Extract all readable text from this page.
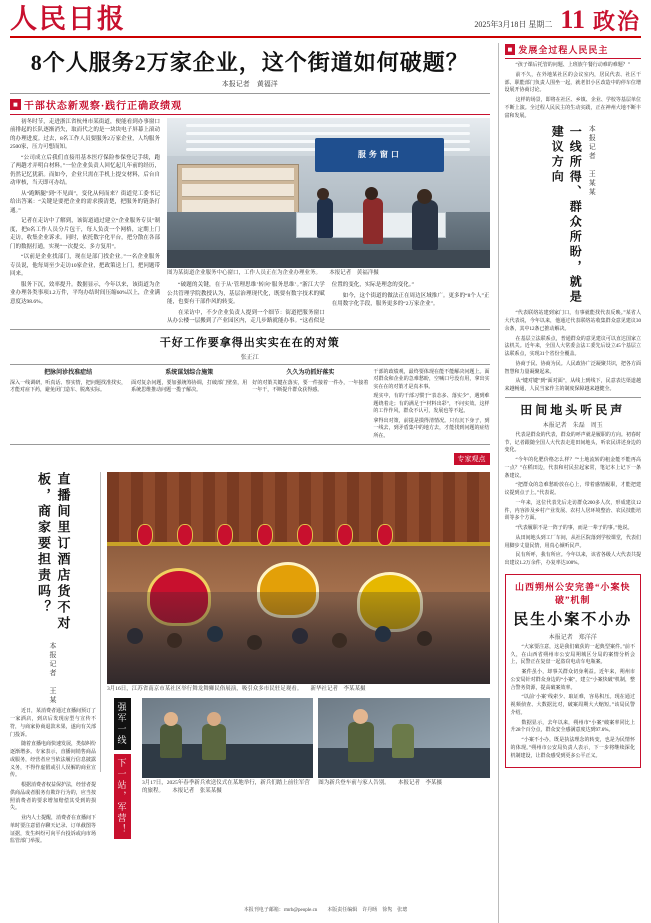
人民日报	2025年3月18日 星期二 11 政治
8个人服务2万家企业，这个街道如何破题？
本报记者　黄福洋
■ 干部状态新观察·践行正确政绩观

初冬时节，走进浙江省杭州市某街道，便能看到办事窗口前排起的长队逐渐消失，取而代之的是一块块电子屏幕上滚动的办理进度。过去，8名工作人员要服务2万家企业，人均服务2500家，压力可想而知。

“公司成立后我们直接用基本医疗保险参保登记手续，跑了两趟才弄明白材料。”一位企业负责人回忆起几年前的经历，仍然记忆犹新。而如今，企业只需在手机上提交材料，后台自动审核，当天即可办结。

从“跑断腿”到“不见面”，变化从何而来？街道党工委书记给出答案：“关键是要把企业的需求摸清楚，把服务的链条打通。”

记者在走访中了解到，该街道通过建立“企业服务专员”制度，把8名工作人员分片包干，每人负责一个网格，定期上门走访，收集企业诉求。同时，依托数字化平台，把分散在各部门的数据打通，实现“一次提交、多方复用”。

“以前是企业找部门，现在是部门找企业。”一名企业服务专员说，他每周至少走访10家企业，把政策送上门，把问题带回来。

服务下沉，效率提升。数据显示，今年以来，该街道为企业办理各类事项1.2万件，平均办结时间压缩60%以上，企业满意度达98.6%。

服务窗口
图为某街道企业服务中心窗口，工作人员正在为企业办理业务。　　本报记者　黄福洋摄

“破题的关键，在于从‘管理思维’转向‘服务思维’。”浙江大学公共管理学院教授认为，基层治理现代化，既要有数字技术的赋能，也要有干部作风的转变。

在采访中，不少企业负责人提到一个细节：街道把服务窗口从办公楼一层搬到了产业园区内，走几步路就能办事。“这看似是位置的变化，实际是理念的变化。”

如今，这个街道的做法正在周边区域推广。更多的“8个人”正在用数字化手段，服务更多的“2万家企业”。

干好工作要拿得出实实在在的对策
张正江
把脉问诊找准症结
深入一线调研，听真话、察实情，把问题找准找实，才能对症下药，避免闭门造车、脱离实际。
系统谋划综合施策
面对复杂问题，要加强统筹协调，打破部门壁垒，用系统思维推动问题一揽子解决。
久久为功抓好落实
好的对策关键在落实，要一件接着一件办，一年接着一年干，不断提升群众获得感。
干部的政绩观，最终要体现在能不能解决问题上。面对群众和企业的急难愁盼，空喊口号没有用，拿出实实在在的对策才是真本事。
现实中，有的干部习惯于“表态多、落实少”，遇到难题绕着走；有的满足于“材料出彩”，不问实效。这样的工作作风，群众不认可，发展也等不起。
拿得出对策，前提是摸得清情况。只有沉下身子，到一线去，到矛盾集中的地方去，才能找到问题的症结所在。
专家观点
直播间里订酒店货不对板，商家要担责吗？
本报记者　王某

近日，某消费者通过直播间预订了一家酒店，到店后发现房型与宣传不符，与商家协商退款未果，遂向有关部门投诉。

随着直播电商快速发展，类似纠纷逐渐增多。专家表示，直播间销售商品或服务，经营者应当依法履行信息披露义务，不得作虚假或引人误解的商业宣传。

根据消费者权益保护法，经营者提供商品或者服务有欺诈行为的，应当按照消费者的要求增加赔偿其受到的损失。

业内人士提醒，消费者在直播间下单时要注意留存聊天记录、订单截图等证据，发生纠纷可向平台投诉或向市场监管部门举报。

3月16日，江苏省南京市某社区举行舞龙舞狮民俗展演，吸引众多市民驻足观看。　　新华社记者　李某某摄
强军一线
下一站，军营！	3月17日，2025年春季新兵欢送仪式在某地举行，新兵们踏上前往军营的旅程。　　本报记者　张某某摄
图为新兵登车前与家人告别。　　本报记者　李某摄
■ 发展全过程人民民主

“孩子课后托管的问题、上班族午餐行动难的难题？”

前不久，在外地某社区的会议室内，居民代表、社区干部、职能部门负责人围坐一起，就老旧小区改造中的停车位增设展开协商讨论。

这样的场景，即将在社区、乡镇、企业、学校等基层单位不断上演。全过程人民民主的生动实践，正在神州大地不断丰富和发展。

一线所得、群众所盼，就是建议方向	本报记者　王某某

“代表联络站建到家门口，有事就能找代表反映。”某省人大代表说，今年以来，他通过代表联络站收集群众意见建议30余条，其中12条已推动解决。

在基层立法联系点，普通群众的意见建议可以直达国家立法机关。近年来，全国人大常委会法工委先后设立45个基层立法联系点，实现31个省份全覆盖。

协商于民、协商为民。人民政协广泛凝聚共识，把各方面智慧和力量凝聚起来。

从“键对键”到“面对面”，从线上到线下，民意表达渠道越来越畅通，人民当家作主的制度保障越来越健全。

田间地头听民声
本报记者　朱磊　周玉

代表是群众的代表，群众的呼声就是履职的方向。初春时节，记者跟随全国人大代表走进田间地头，听农民讲述身边的变化。

“今年的化肥价格怎么样？”“土地流转的租金能不能再高一点？”在稻田边，代表和村民拉起家常，笔记本上记下一条条建议。

“把群众的急难愁盼放在心上，带着感情履职，才能把建议提到点子上。”代表说。

一年来，这位代表先后走访群众200多人次，形成建议12件，内容涉及乡村产业发展、农村人居环境整治、农民技能培训等多个方面。

“代表履职不是一阵子的事，而是一辈子的事。”他说。

从田间地头到工厂车间，从社区院落到学校课堂，代表们用脚步丈量民情，用真心倾听民声。

民有所呼，我有所应。今年以来，该省各级人大代表共提出建议1.2万余件，办复率达100%。

山西朔州公安完善“小案快破”机制
民生小案不小办
本报记者　郑洋洋

“大家要注意，这是我们破获的一起典型案件。”前不久，在山西省朔州市公安局朔城区分局的案情分析会上，民警正在复盘一起盗窃电动车电瓶案。

案件虽小，却事关群众切身利益。近年来，朔州市公安局针对群众身边的“小案”，建立“小案快破”机制，整合警务资源，提高破案效率。

“以前‘小案’线索少、取证难，容易积压。现在通过视频侦查、大数据比对，破案周期大大缩短。”该局民警介绍。

数据显示，去年以来，朔州市“小案”破案率同比上升28个百分点，群众安全感满意度达到97.6%。

“小案不小办，既是执法理念的转变，也是为民情怀的体现。”朔州市公安局负责人表示，下一步将继续深化机制建设，让群众感受到更多公平正义。

本报刊电子邮箱：rmrb@people.cn　　本版责任编辑　许丹旸　徐隽　张璁
